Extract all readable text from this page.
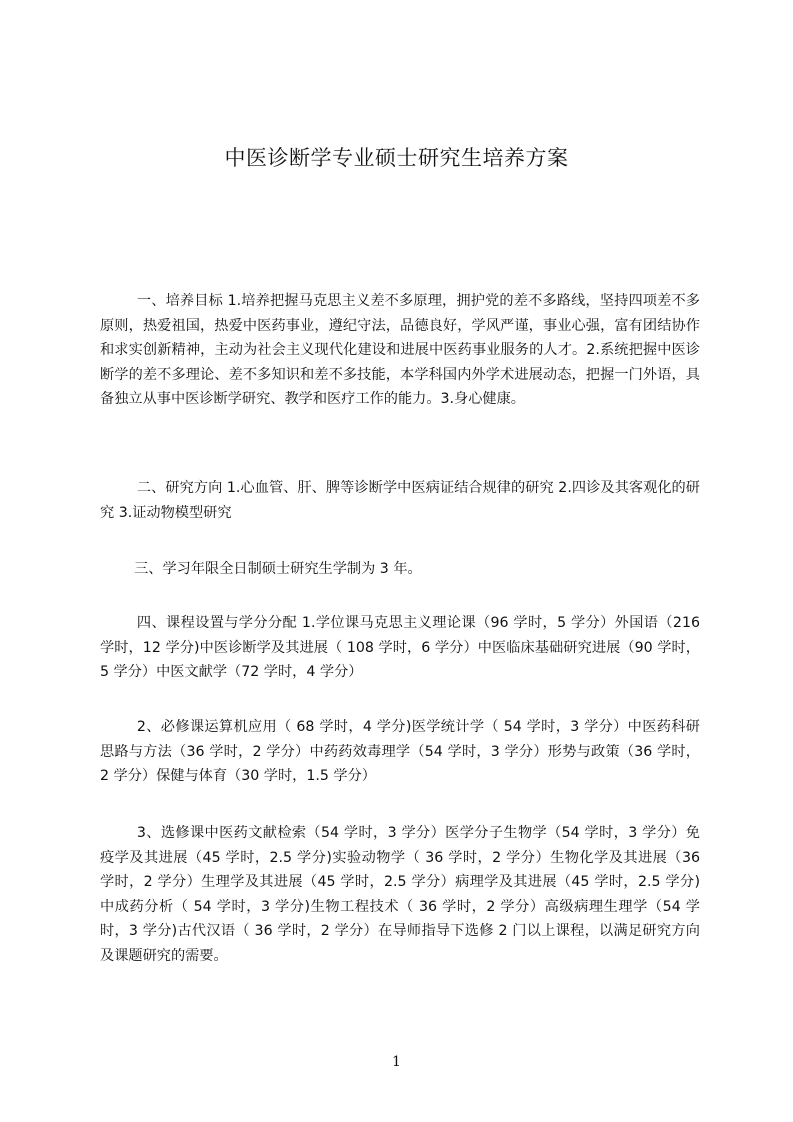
中医诊断学专业硕士研究生培养方案

一、培养目标 1.培养把握马克思主义差不多原理，拥护党的差不多路线，坚持四项差不多原则，热爱祖国，热爱中医药事业，遵纪守法，品德良好，学风严谨，事业心强，富有团结协作和求实创新精神，主动为社会主义现代化建设和进展中医药事业服务的人才。2.系统把握中医诊断学的差不多理论、差不多知识和差不多技能，本学科国内外学术进展动态，把握一门外语，具备独立从事中医诊断学研究、教学和医疗工作的能力。3.身心健康。

二、研究方向 1.心血管、肝、脾等诊断学中医病证结合规律的研究 2.四诊及其客观化的研究 3.证动物模型研究

三、学习年限全日制硕士研究生学制为 3 年。

四、课程设置与学分分配 1.学位课马克思主义理论课（96 学时，5 学分）外国语（216 学时，12 学分)中医诊断学及其进展（ 108 学时，6 学分）中医临床基础研究进展（90 学时，5 学分）中医文献学（72 学时，4 学分）

2、必修课运算机应用（ 68 学时，4 学分)医学统计学（ 54 学时，3 学分）中医药科研思路与方法（36 学时，2 学分）中药药效毒理学（54 学时，3 学分）形势与政策（36 学时，2 学分）保健与体育（30 学时，1.5 学分）

3、选修课中医药文献检索（54 学时，3 学分）医学分子生物学（54 学时，3 学分）免疫学及其进展（45 学时，2.5 学分)实验动物学（ 36 学时，2 学分）生物化学及其进展（36 学时，2 学分）生理学及其进展（45 学时，2.5 学分）病理学及其进展（45 学时，2.5 学分)中成药分析（ 54 学时，3 学分)生物工程技术（ 36 学时，2 学分）高级病理生理学（54 学时，3 学分)古代汉语（ 36 学时，2 学分）在导师指导下选修 2 门以上课程，以满足研究方向及课题研究的需要。

1
